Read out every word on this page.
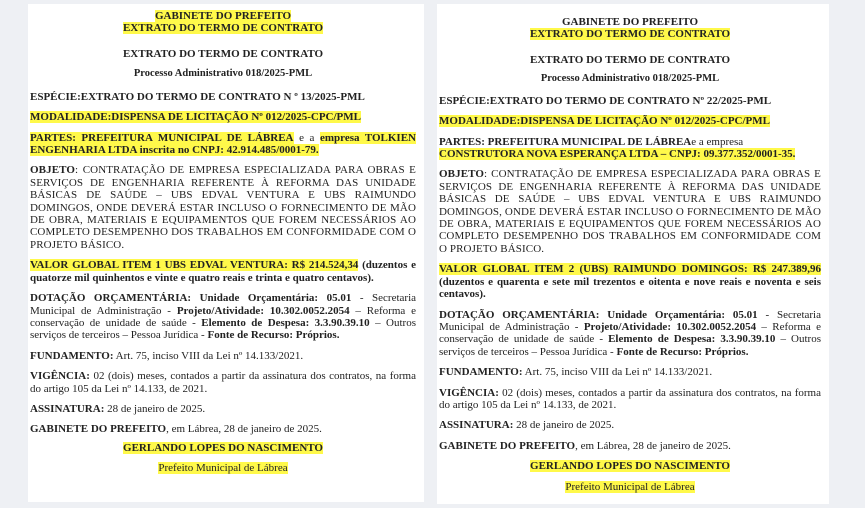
GABINETE DO PREFEITO
EXTRATO DO TERMO DE CONTRATO
EXTRATO DO TERMO DE CONTRATO
Processo Administrativo 018/2025-PML
ESPÉCIE:EXTRATO DO TERMO DE CONTRATO N º 13/2025-PML
MODALIDADE:DISPENSA DE LICITAÇÃO Nº 012/2025-CPC/PML
PARTES: PREFEITURA MUNICIPAL DE LÁBREA e a empresa TOLKIEN ENGENHARIA LTDA inscrita no CNPJ: 42.914.485/0001-79.
OBJETO: CONTRATAÇÃO DE EMPRESA ESPECIALIZADA PARA OBRAS E SERVIÇOS DE ENGENHARIA REFERENTE À REFORMA DAS UNIDADE BÁSICAS DE SAÚDE – UBS EDVAL VENTURA E UBS RAIMUNDO DOMINGOS, ONDE DEVERÁ ESTAR INCLUSO O FORNECIMENTO DE MÃO DE OBRA, MATERIAIS E EQUIPAMENTOS QUE FOREM NECESSÁRIOS AO COMPLETO DESEMPENHO DOS TRABALHOS EM CONFORMIDADE COM O PROJETO BÁSICO.
VALOR GLOBAL ITEM 1 UBS EDVAL VENTURA: R$ 214.524,34 (duzentos e quatorze mil quinhentos e vinte e quatro reais e trinta e quatro centavos).
DOTAÇÃO ORÇAMENTÁRIA: Unidade Orçamentária: 05.01 - Secretaria Municipal de Administração - Projeto/Atividade: 10.302.0052.2054 – Reforma e conservação de unidade de saúde - Elemento de Despesa: 3.3.90.39.10 – Outros serviços de terceiros – Pessoa Jurídica - Fonte de Recurso: Próprios.
FUNDAMENTO: Art. 75, inciso VIII da Lei nº 14.133/2021.
VIGÊNCIA: 02 (dois) meses, contados a partir da assinatura dos contratos, na forma do artigo 105 da Lei nº 14.133, de 2021.
ASSINATURA: 28 de janeiro de 2025.
GABINETE DO PREFEITO, em Lábrea, 28 de janeiro de 2025.
GERLANDO LOPES DO NASCIMENTO
Prefeito Municipal de Lábrea
GABINETE DO PREFEITO
EXTRATO DO TERMO DE CONTRATO
EXTRATO DO TERMO DE CONTRATO
Processo Administrativo 018/2025-PML
ESPÉCIE:EXTRATO DO TERMO DE CONTRATO Nº 22/2025-PML
MODALIDADE:DISPENSA DE LICITAÇÃO Nº 012/2025-CPC/PML
PARTES: PREFEITURA MUNICIPAL DE LÁBREAe a empresa
CONSTRUTORA NOVA ESPERANÇA LTDA – CNPJ: 09.377.352/0001-35.
OBJETO: CONTRATAÇÃO DE EMPRESA ESPECIALIZADA PARA OBRAS E SERVIÇOS DE ENGENHARIA REFERENTE À REFORMA DAS UNIDADE BÁSICAS DE SAÚDE – UBS EDVAL VENTURA E UBS RAIMUNDO DOMINGOS, ONDE DEVERÁ ESTAR INCLUSO O FORNECIMENTO DE MÃO DE OBRA, MATERIAIS E EQUIPAMENTOS QUE FOREM NECESSÁRIOS AO COMPLETO DESEMPENHO DOS TRABALHOS EM CONFORMIDADE COM O PROJETO BÁSICO.
VALOR GLOBAL ITEM 2 (UBS) RAIMUNDO DOMINGOS: R$ 247.389,96 (duzentos e quarenta e sete mil trezentos e oitenta e nove reais e noventa e seis centavos).
DOTAÇÃO ORÇAMENTÁRIA: Unidade Orçamentária: 05.01 - Secretaria Municipal de Administração - Projeto/Atividade: 10.302.0052.2054 – Reforma e conservação de unidade de saúde - Elemento de Despesa: 3.3.90.39.10 – Outros serviços de terceiros – Pessoa Jurídica - Fonte de Recurso: Próprios.
FUNDAMENTO: Art. 75, inciso VIII da Lei nº 14.133/2021.
VIGÊNCIA: 02 (dois) meses, contados a partir da assinatura dos contratos, na forma do artigo 105 da Lei nº 14.133, de 2021.
ASSINATURA: 28 de janeiro de 2025.
GABINETE DO PREFEITO, em Lábrea, 28 de janeiro de 2025.
GERLANDO LOPES DO NASCIMENTO
Prefeito Municipal de Lábrea
